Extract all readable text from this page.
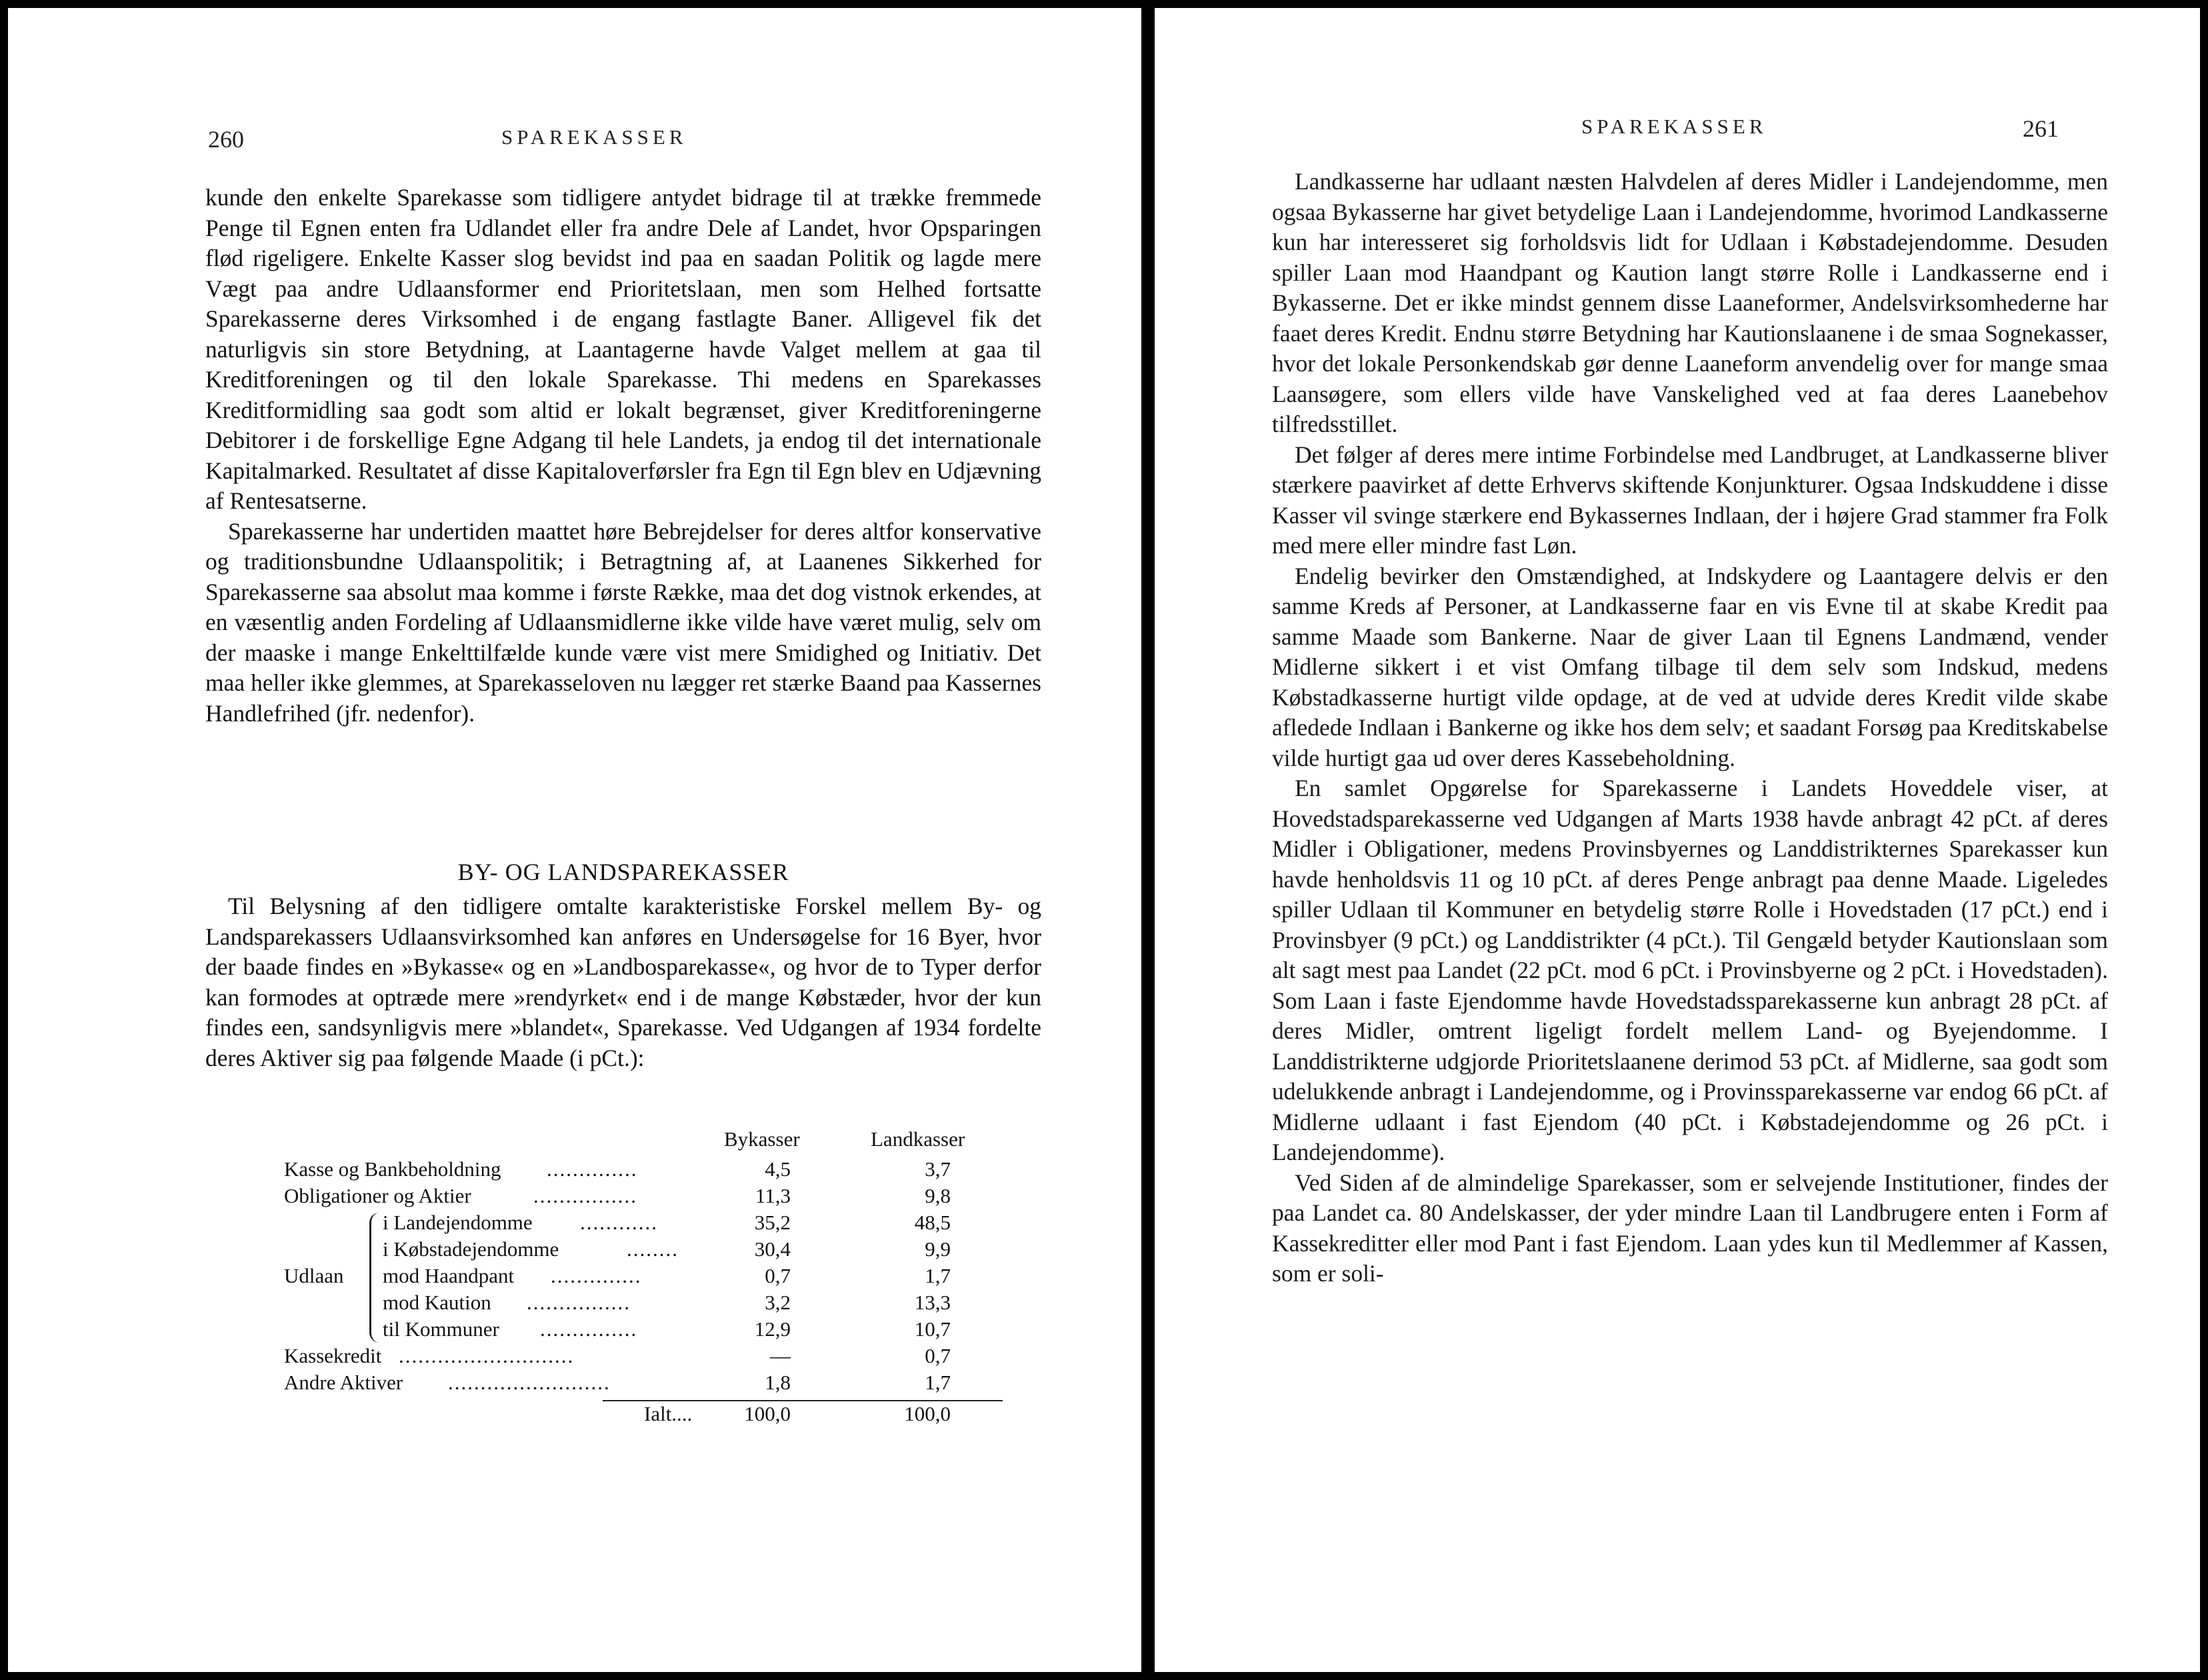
260	SPAREKASSER

kunde den enkelte Sparekasse som tidligere antydet bidrage til at trække fremmede Penge til Egnen enten fra Udlandet eller fra andre Dele af Landet, hvor Opsparingen flød rigeligere. Enkelte Kasser slog bevidst ind paa en saadan Politik og lagde mere Vægt paa andre Udlaansformer end Prioritetslaan, men som Helhed fortsatte Sparekasserne deres Virksomhed i de engang fastlagte Baner. Alligevel fik det naturligvis sin store Betydning, at Laantagerne havde Valget mellem at gaa til Kreditforeningen og til den lokale Sparekasse. Thi medens en Sparekasses Kreditformidling saa godt som altid er lokalt begrænset, giver Kreditforeningerne Debitorer i de forskellige Egne Adgang til hele Landets, ja endog til det internationale Kapitalmarked. Resultatet af disse Kapitaloverførsler fra Egn til Egn blev en Udjævning af Rentesatserne.

Sparekasserne har undertiden maattet høre Bebrejdelser for deres altfor konservative og traditionsbundne Udlaanspolitik; i Betragtning af, at Laanenes Sikkerhed for Sparekasserne saa absolut maa komme i første Række, maa det dog vistnok erkendes, at en væsentlig anden Fordeling af Udlaansmidlerne ikke vilde have været mulig, selv om der maaske i mange Enkelttilfælde kunde være vist mere Smidighed og Initiativ. Det maa heller ikke glemmes, at Sparekasseloven nu lægger ret stærke Baand paa Kassernes Handlefrihed (jfr. nedenfor).

BY- OG LANDSPAREKASSER

Til Belysning af den tidligere omtalte karakteristiske Forskel mellem By- og Landsparekassers Udlaansvirksomhed kan anføres en Undersøgelse for 16 Byer, hvor der baade findes en »Bykasse« og en »Landbosparekasse«, og hvor de to Typer derfor kan formodes at optræde mere »rendyrket« end i de mange Købstæder, hvor der kun findes een, sandsynligvis mere »blandet«, Sparekasse. Ved Udgangen af 1934 fordelte deres Aktiver sig paa følgende Maade (i pCt.):

Bykasser	Landkasser
Kasse og Bankbeholdning ..............	4,5	3,7
Obligationer og Aktier	................	11,3	9,8
Udlaan
i Landejendomme ............	35,2	48,5
i Købstadejendomme	........	30,4	9,9
mod Haandpant ..............	0,7	1,7
mod Kaution ................	3,2	13,3
til Kommuner ...............	12,9	10,7
Kassekredit ...........................	—	0,7
Andre Aktiver .........................	1,8	1,7
Ialt....	100,0	100,0
SPAREKASSER	261

Landkasserne har udlaant næsten Halvdelen af deres Midler i Landejendomme, men ogsaa Bykasserne har givet betydelige Laan i Landejendomme, hvorimod Landkasserne kun har interesseret sig forholdsvis lidt for Udlaan i Købstadejendomme. Desuden spiller Laan mod Haandpant og Kaution langt større Rolle i Landkasserne end i Bykasserne. Det er ikke mindst gennem disse Laaneformer, Andelsvirksomhederne har faaet deres Kredit. Endnu større Betydning har Kautionslaanene i de smaa Sognekasser, hvor det lokale Personkendskab gør denne Laaneform anvendelig over for mange smaa Laansøgere, som ellers vilde have Vanskelighed ved at faa deres Laanebehov tilfredsstillet.

Det følger af deres mere intime Forbindelse med Landbruget, at Landkasserne bliver stærkere paavirket af dette Erhvervs skiftende Konjunkturer. Ogsaa Indskuddene i disse Kasser vil svinge stærkere end Bykassernes Indlaan, der i højere Grad stammer fra Folk med mere eller mindre fast Løn.

Endelig bevirker den Omstændighed, at Indskydere og Laantagere delvis er den samme Kreds af Personer, at Landkasserne faar en vis Evne til at skabe Kredit paa samme Maade som Bankerne. Naar de giver Laan til Egnens Landmænd, vender Midlerne sikkert i et vist Omfang tilbage til dem selv som Indskud, medens Købstadkasserne hurtigt vilde opdage, at de ved at udvide deres Kredit vilde skabe afledede Indlaan i Bankerne og ikke hos dem selv; et saadant Forsøg paa Kreditskabelse vilde hurtigt gaa ud over deres Kassebeholdning.

En samlet Opgørelse for Sparekasserne i Landets Hoveddele viser, at Hovedstadsparekasserne ved Udgangen af Marts 1938 havde anbragt 42 pCt. af deres Midler i Obligationer, medens Provinsbyernes og Landdistrikternes Sparekasser kun havde henholdsvis 11 og 10 pCt. af deres Penge anbragt paa denne Maade. Ligeledes spiller Udlaan til Kommuner en betydelig større Rolle i Hovedstaden (17 pCt.) end i Provinsbyer (9 pCt.) og Landdistrikter (4 pCt.). Til Gengæld betyder Kautionslaan som alt sagt mest paa Landet (22 pCt. mod 6 pCt. i Provinsbyerne og 2 pCt. i Hovedstaden). Som Laan i faste Ejendomme havde Hovedstadssparekasserne kun anbragt 28 pCt. af deres Midler, omtrent ligeligt fordelt mellem Land- og Byejendomme. I Landdistrikterne udgjorde Prioritetslaanene derimod 53 pCt. af Midlerne, saa godt som udelukkende anbragt i Landejendomme, og i Provinssparekasserne var endog 66 pCt. af Midlerne udlaant i fast Ejendom (40 pCt. i Købstadejendomme og 26 pCt. i Landejendomme).

Ved Siden af de almindelige Sparekasser, som er selvejende Institutioner, findes der paa Landet ca. 80 Andelskasser, der yder mindre Laan til Landbrugere enten i Form af Kassekreditter eller mod Pant i fast Ejendom. Laan ydes kun til Medlemmer af Kassen, som er soli-
